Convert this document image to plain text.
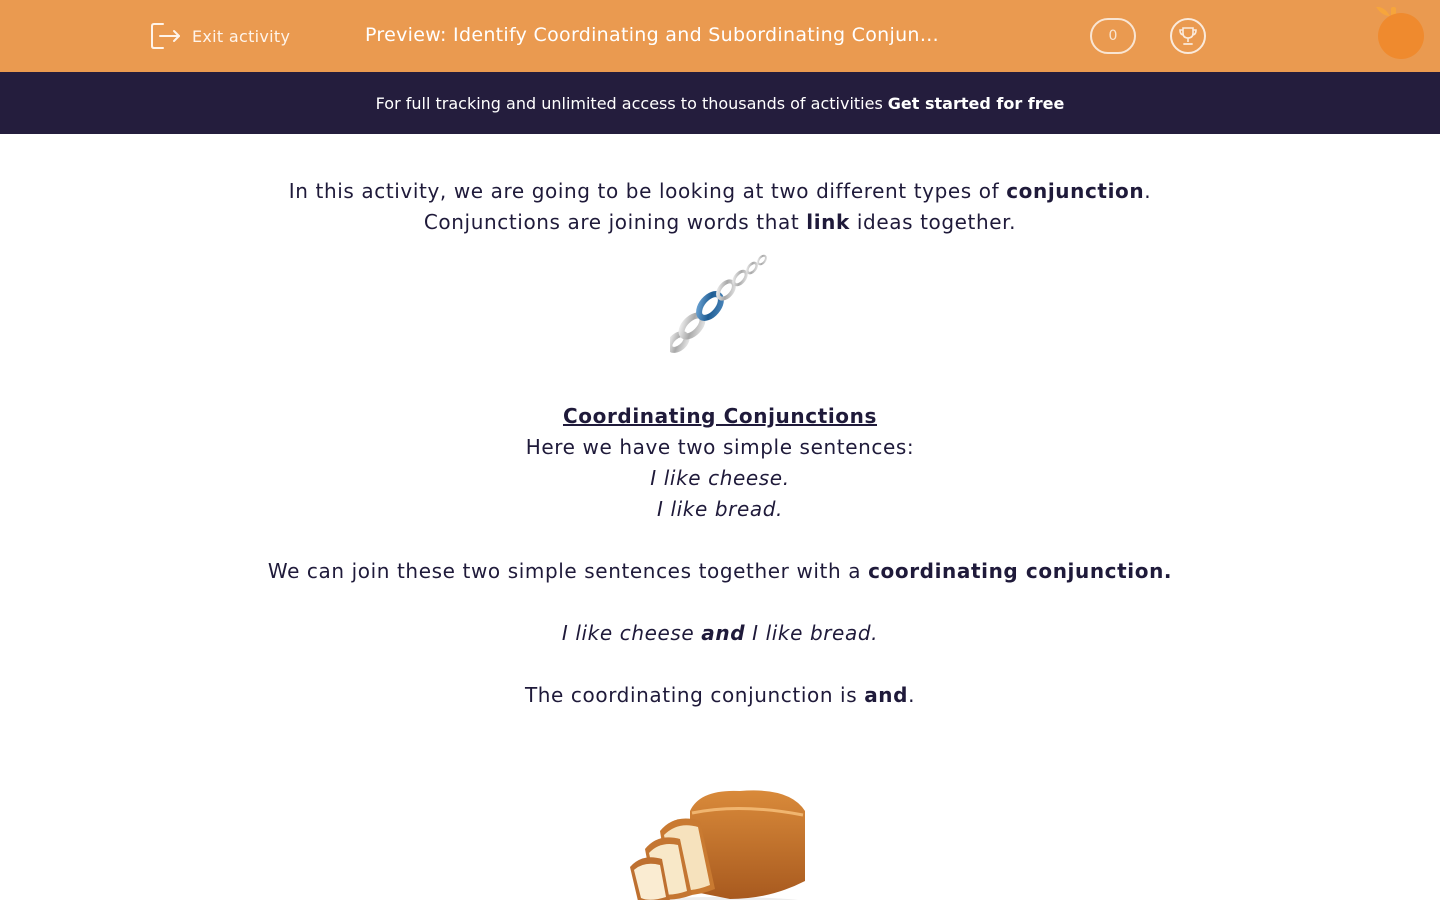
Exit activity	Preview: Identify Coordinating and Subordinating Conjun…	0
For full tracking and unlimited access to thousands of activities Get started for free
In this activity, we are going to be looking at two different types of conjunction.
Conjunctions are joining words that link ideas together.
Coordinating Conjunctions
Here we have two simple sentences:
I like cheese.
I like bread.
We can join these two simple sentences together with a coordinating conjunction.
I like cheese and I like bread.
The coordinating conjunction is and.
